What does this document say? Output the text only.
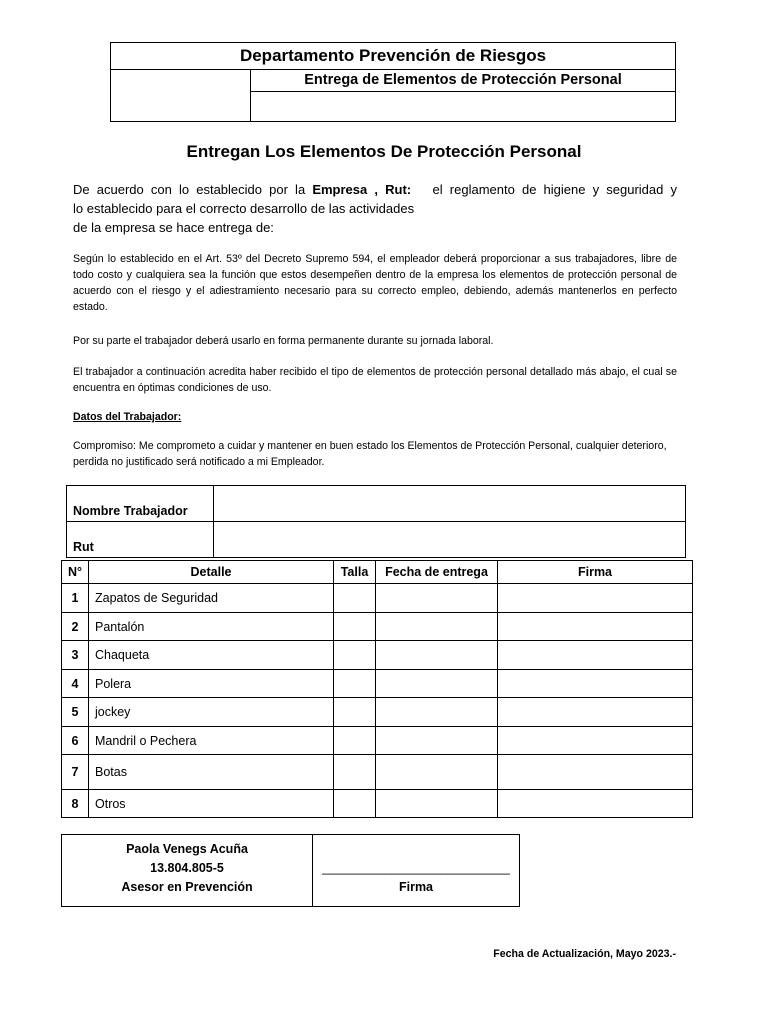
Departamento Prevención de Riesgos
Entrega de Elementos de Protección Personal
Entregan Los Elementos De Protección Personal
De acuerdo con lo establecido por la Empresa , Rut: el reglamento de higiene y seguridad y
lo establecido para el correcto desarrollo de las actividades
de la empresa se hace entrega de:
Según lo establecido en el Art. 53º del Decreto Supremo 594, el empleador deberá proporcionar a sus trabajadores, libre de todo costo y cualquiera sea la función que estos desempeñen dentro de la empresa los elementos de protección personal de acuerdo con el riesgo y el adiestramiento necesario para su correcto empleo, debiendo, además mantenerlos en perfecto estado.
Por su parte el trabajador deberá usarlo en forma permanente durante su jornada laboral.
El trabajador a continuación acredita haber recibido el tipo de elementos de protección personal detallado más abajo, el cual se encuentra en óptimas condiciones de uso.
Datos del Trabajador:
Compromiso: Me comprometo a cuidar y mantener en buen estado los Elementos de Protección Personal, cualquier deterioro, perdida no justificado será notificado a mi Empleador.
Nombre Trabajador	
Rut	
N°	Detalle	Talla	Fecha de entrega	Firma
1	Zapatos de Seguridad			
2	Pantalón			
3	Chaqueta			
4	Polera			
5	jockey			
6	Mandril o Pechera			
7	Botas			
8	Otros			
Paola Venegs Acuña
13.804.805-5
Asesor en Prevención

___________________________
Firma
Fecha de Actualización, Mayo 2023.-
